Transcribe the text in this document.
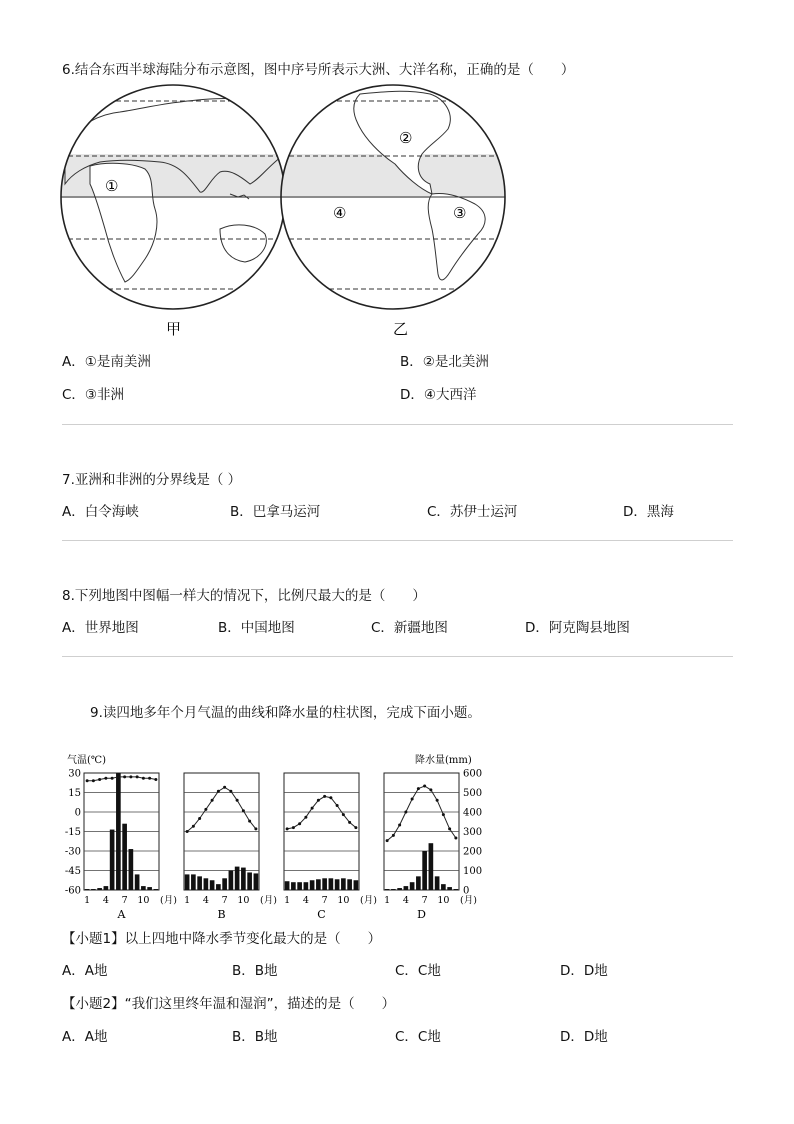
6.结合东西半球海陆分布示意图，图中序号所表示大洲、大洋名称，正确的是（　　）
①
②
③
④
甲	乙
A．①是南美洲	B．②是北美洲
C．③非洲	D．④大西洋
7.亚洲和非洲的分界线是（ ）
A．白令海峡	B．巴拿马运河	C．苏伊士运河	D．黑海
8.下列地图中图幅一样大的情况下，比例尺最大的是（　　）
A．世界地图	B．中国地图	C．新疆地图	D．阿克陶县地图
9.读四地多年个月气温的曲线和降水量的柱状图，完成下面小题。
气温(℃)	降水量(mm)
30
15
0
-15
-30
-45
-60
1 4 7 10 (月)
A
1 4 7 10 (月)
B
1 4 7 10 (月)
C
1 4 7 10 (月)
D
600
500
400
300
200
100
0
【小题1】以上四地中降水季节变化最大的是（　　）
A．A地	B．B地	C．C地	D．D地
【小题2】“我们这里终年温和湿润”，描述的是（　　）
A．A地	B．B地	C．C地	D．D地
